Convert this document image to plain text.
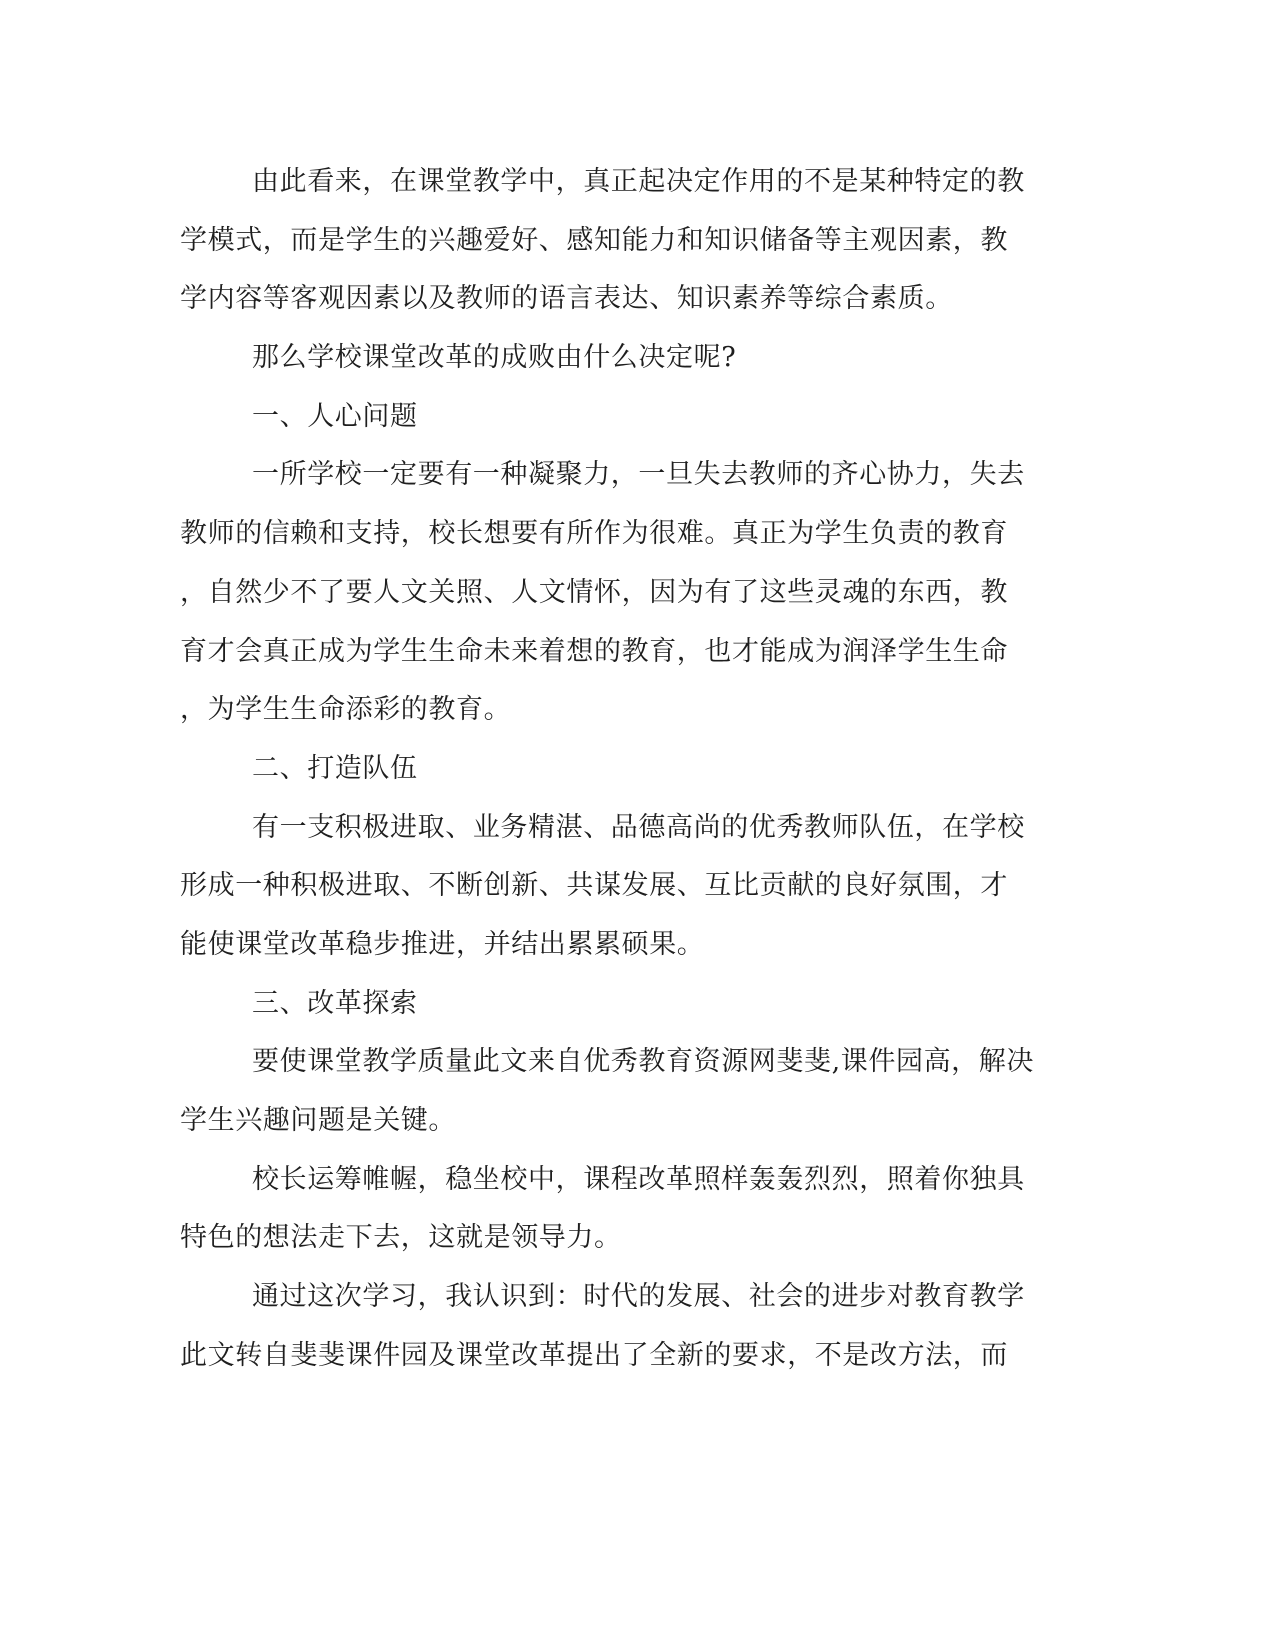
由此看来，在课堂教学中，真正起决定作用的不是某种特定的教
学模式，而是学生的兴趣爱好、感知能力和知识储备等主观因素，教
学内容等客观因素以及教师的语言表达、知识素养等综合素质。
那么学校课堂改革的成败由什么决定呢?
一、人心问题
一所学校一定要有一种凝聚力，一旦失去教师的齐心协力，失去
教师的信赖和支持，校长想要有所作为很难。真正为学生负责的教育
，自然少不了要人文关照、人文情怀，因为有了这些灵魂的东西，教
育才会真正成为学生生命未来着想的教育，也才能成为润泽学生生命
，为学生生命添彩的教育。
二、打造队伍
有一支积极进取、业务精湛、品德高尚的优秀教师队伍，在学校
形成一种积极进取、不断创新、共谋发展、互比贡献的良好氛围，才
能使课堂改革稳步推进，并结出累累硕果。
三、改革探索
要使课堂教学质量此文来自优秀教育资源网斐斐,课件园高，解决
学生兴趣问题是关键。
校长运筹帷幄，稳坐校中，课程改革照样轰轰烈烈，照着你独具
特色的想法走下去，这就是领导力。
通过这次学习，我认识到：时代的发展、社会的进步对教育教学
此文转自斐斐课件园及课堂改革提出了全新的要求，不是改方法，而
